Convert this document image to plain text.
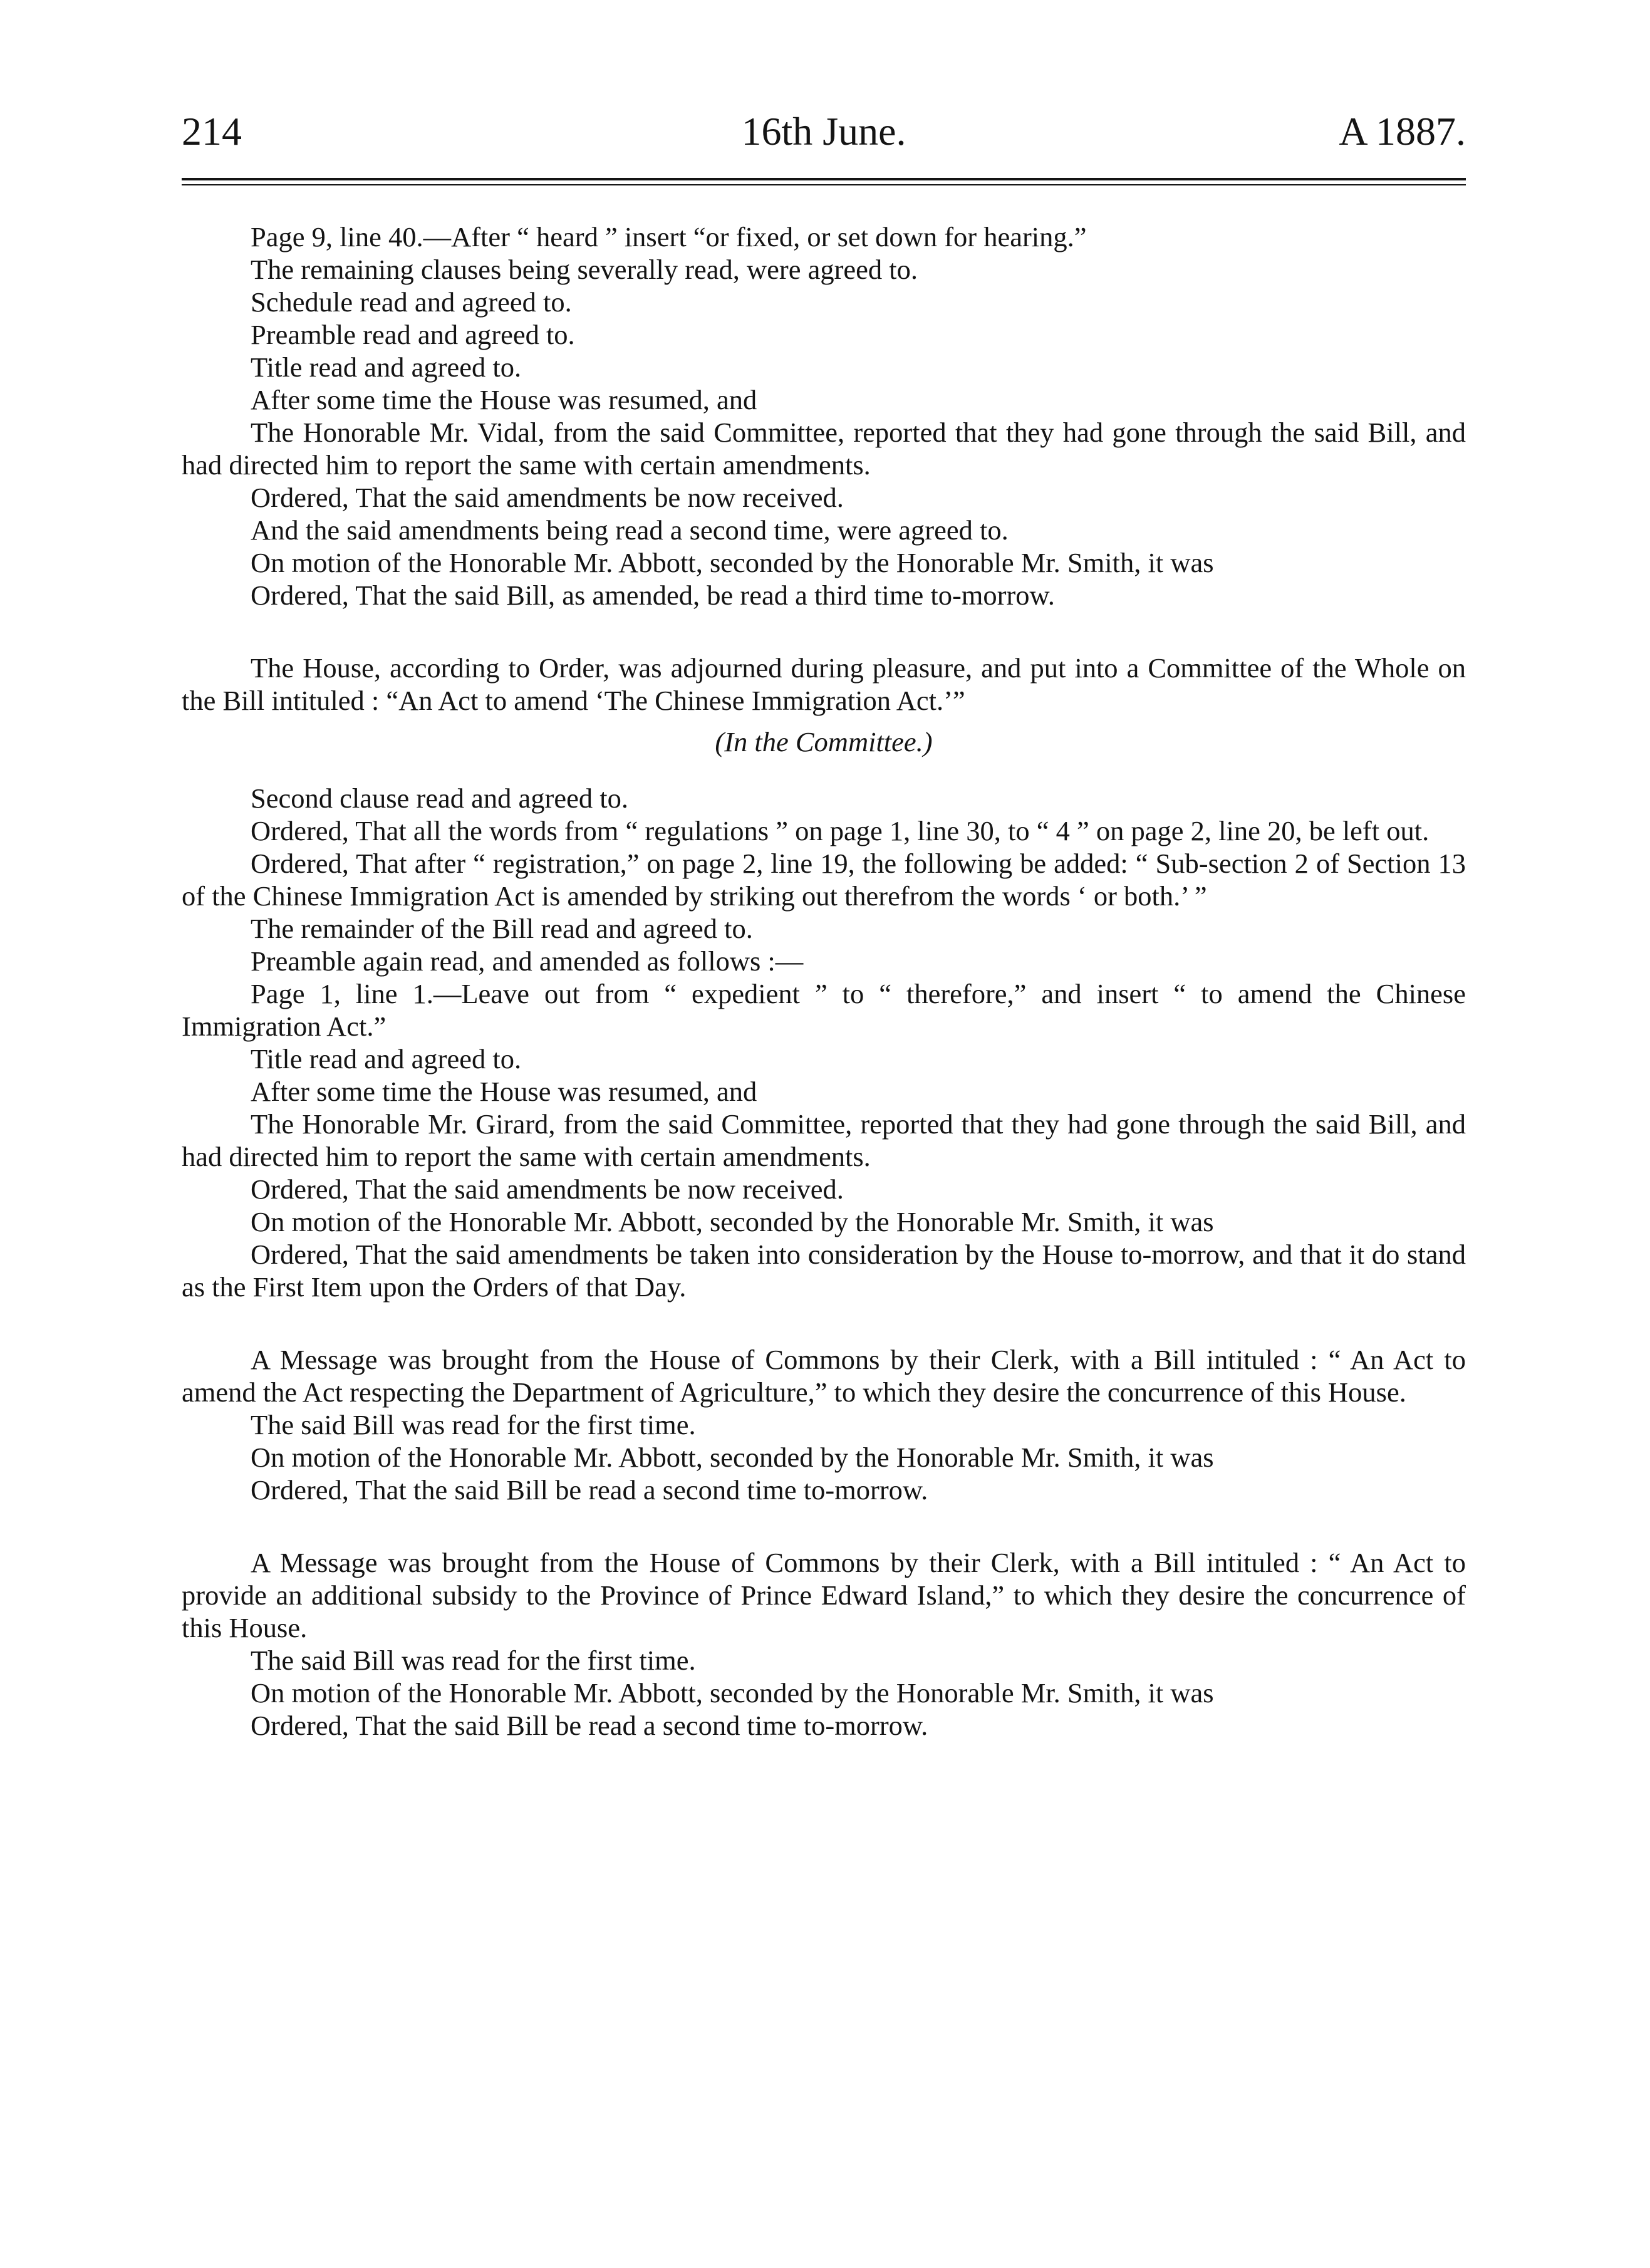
214	16th June.	A 1887.

Page 9, line 40.—After “ heard ” insert “or fixed, or set down for hearing.”

The remaining clauses being severally read, were agreed to.

Schedule read and agreed to.

Preamble read and agreed to.

Title read and agreed to.

After some time the House was resumed, and

The Honorable Mr. Vidal, from the said Committee, reported that they had gone through the said Bill, and had directed him to report the same with certain amendments.

Ordered, That the said amendments be now received.

And the said amendments being read a second time, were agreed to.

On motion of the Honorable Mr. Abbott, seconded by the Honorable Mr. Smith, it was

Ordered, That the said Bill, as amended, be read a third time to-morrow.

The House, according to Order, was adjourned during pleasure, and put into a Committee of the Whole on the Bill intituled : “An Act to amend ‘The Chinese Immigration Act.’”

(In the Committee.)

Second clause read and agreed to.

Ordered, That all the words from “ regulations ” on page 1, line 30, to “ 4 ” on page 2, line 20, be left out.

Ordered, That after “ registration,” on page 2, line 19, the following be added: “ Sub-section 2 of Section 13 of the Chinese Immigration Act is amended by striking out therefrom the words ‘ or both.’ ”

The remainder of the Bill read and agreed to.

Preamble again read, and amended as follows :—

Page 1, line 1.—Leave out from “ expedient ” to “ therefore,” and insert “ to amend the Chinese Immigration Act.”

Title read and agreed to.

After some time the House was resumed, and

The Honorable Mr. Girard, from the said Committee, reported that they had gone through the said Bill, and had directed him to report the same with certain amendments.

Ordered, That the said amendments be now received.

On motion of the Honorable Mr. Abbott, seconded by the Honorable Mr. Smith, it was

Ordered, That the said amendments be taken into consideration by the House to-morrow, and that it do stand as the First Item upon the Orders of that Day.

A Message was brought from the House of Commons by their Clerk, with a Bill intituled : “ An Act to amend the Act respecting the Department of Agriculture,” to which they desire the concurrence of this House.

The said Bill was read for the first time.

On motion of the Honorable Mr. Abbott, seconded by the Honorable Mr. Smith, it was

Ordered, That the said Bill be read a second time to-morrow.

A Message was brought from the House of Commons by their Clerk, with a Bill intituled : “ An Act to provide an additional subsidy to the Province of Prince Edward Island,” to which they desire the concurrence of this House.

The said Bill was read for the first time.

On motion of the Honorable Mr. Abbott, seconded by the Honorable Mr. Smith, it was

Ordered, That the said Bill be read a second time to-morrow.
